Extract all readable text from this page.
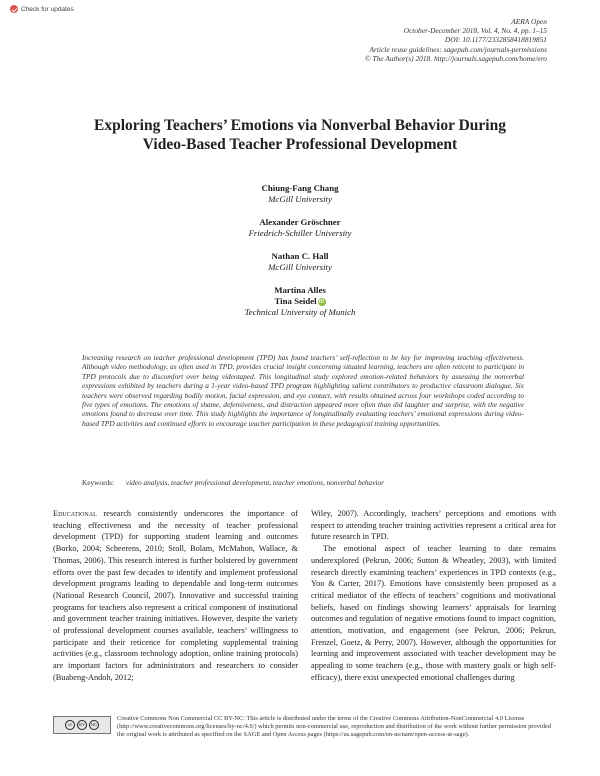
Check for updates
AERA Open
October-December 2018, Vol. 4, No. 4, pp. 1–15
DOI: 10.1177/2332858418819851
Article reuse guidelines: sagepub.com/journals-permissions
© The Author(s) 2018. http://journals.sagepub.com/home/ero
Exploring Teachers’ Emotions via Nonverbal Behavior During
Video-Based Teacher Professional Development
Chiung-Fang Chang
McGill University
Alexander Gröschner
Friedrich-Schiller University
Nathan C. Hall
McGill University
Martina Alles
Tina Seidel iD
Technical University of Munich
Increasing research on teacher professional development (TPD) has found teachers’ self-reflection to be key for improving teaching effectiveness. Although video methodology, as often used in TPD, provides crucial insight concerning situated learning, teachers are often reticent to participate in TPD protocols due to discomfort over being videotaped. This longitudinal study explored emotion-related behaviors by assessing the nonverbal expressions exhibited by teachers during a 1-year video-based TPD program highlighting salient contributors to productive classroom dialogue. Six teachers were observed regarding bodily motion, facial expression, and eye contact, with results obtained across four workshops coded according to five types of emotions. The emotions of shame, defensiveness, and distraction appeared more often than did laughter and surprise, with the negative emotions found to decrease over time. This study highlights the importance of longitudinally evaluating teachers’ emotional expressions during video-based TPD activities and continued efforts to encourage teacher participation in these pedagogical training opportunities.
Keywords: video analysis, teacher professional development, teacher emotions, nonverbal behavior

Educational research consistently underscores the importance of teaching effectiveness and the necessity of teacher professional development (TPD) for supporting student learning and outcomes (Borko, 2004; Scheerens, 2010; Stoll, Bolam, McMahon, Wallace, & Thomas, 2006). This research interest is further bolstered by government efforts over the past few decades to identify and implement professional development programs leading to dependable and long-term outcomes (National Research Council, 2007). Innovative and successful training programs for teachers also represent a critical component of institutional and government teacher training initiatives. However, despite the variety of professional development courses available, teachers’ willingness to participate and their reticence for completing supplemental training activities (e.g., classroom technology adoption, online training protocols) are important factors for administrators and researchers to consider (Buabeng-Andoh, 2012;

Wiley, 2007). Accordingly, teachers’ perceptions and emotions with respect to attending teacher training activities represent a critical area for future research in TPD.

The emotional aspect of teacher learning to date remains underexplored (Pekrun, 2006; Sutton & Wheatley, 2003), with limited research directly examining teachers’ experiences in TPD contexts (e.g., Yoo & Carter, 2017). Emotions have consistently been proposed as a critical mediator of the effects of teachers’ cognitions and motivational beliefs, based on findings showing learners’ appraisals for learning outcomes and regulation of negative emotions found to impact cognition, attention, motivation, and engagement (see Pekrun, 2006; Pekrun, Frenzel, Goetz, & Perry, 2007). However, although the opportunities for learning and improvement associated with teacher development may be appealing to some teachers (e.g., those with mastery goals or high self-efficacy), there exist unexpected emotional challenges during

cc	BY	NC
Creative Commons Non Commercial CC BY-NC: This article is distributed under the terms of the Creative Commons Attribution-NonCommercial 4.0 License (http://www.creativecommons.org/licenses/by-nc/4.0/) which permits non-commercial use, reproduction and distribution of the work without further permission provided the original work is attributed as specified on the SAGE and Open Access pages (https://us.sagepub.com/en-us/nam/open-access-at-sage).
